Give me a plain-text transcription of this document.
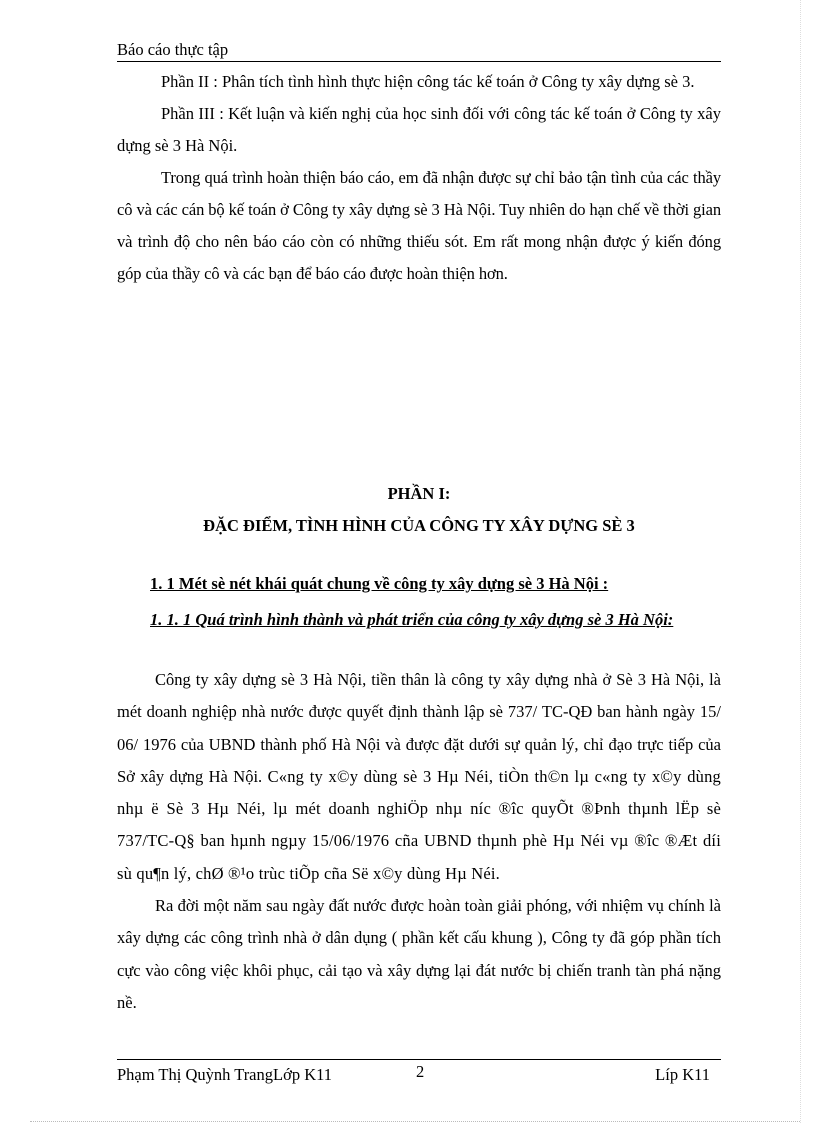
Báo cáo thực tập

Phần II : Phân tích tình hình thực hiện công tác kế toán ở Công ty xây dựng sè 3.

Phần III : Kết luận và kiến nghị của học sinh đối với công tác kế toán ở Công ty xây dựng sè 3 Hà Nội.

Trong quá trình hoàn thiện báo cáo, em đã nhận được sự chỉ bảo tận tình của các thầy cô và các cán bộ kế toán ở Công ty xây dựng sè 3 Hà Nội. Tuy nhiên do hạn chế về thời gian và trình độ cho nên báo cáo còn có những thiếu sót. Em rất mong nhận được ý kiến đóng góp của thầy cô và các bạn để báo cáo được hoàn thiện hơn.

PHẦN I:
ĐẶC ĐIỂM, TÌNH HÌNH CỦA CÔNG TY XÂY DỰNG SÈ 3
1. 1 Mét sè nét khái quát chung về công ty xây dựng sè 3 Hà Nội :
1. 1. 1 Quá trình hình thành và phát triển của công ty xây dựng sè 3 Hà Nội:

Công ty xây dựng sè 3 Hà Nội, tiền thân là công ty xây dựng nhà ở Sè 3 Hà Nội, là mét doanh nghiệp nhà nước được quyết định thành lập sè 737/ TC-QĐ ban hành ngày 15/ 06/ 1976 của UBND thành phố Hà Nội và được đặt dưới sự quản lý, chỉ đạo trực tiếp của Sở xây dựng Hà Nội. C«ng ty x©y dùng sè 3 Hµ Néi, tiÒn th©n lµ c«ng ty x©y dùng nhµ ë Sè 3 Hµ Néi, lµ mét doanh nghiÖp nhµ níc ®îc quyÕt ®Þnh thµnh lËp sè 737/TC-Q§ ban hµnh ngµy 15/06/1976 cña UBND thµnh phè Hµ Néi vµ ®îc ®Æt díi sù qu¶n lý, chØ ®¹o trùc tiÕp cña Së x©y dùng Hµ Néi.

Ra đời một năm sau ngày đất nước được hoàn toàn giải phóng, với nhiệm vụ chính là xây dựng các công trình nhà ở dân dụng ( phần kết cấu khung ), Công ty đã góp phần tích cực vào công việc khôi phục, cải tạo và xây dựng lại đát nước bị chiến tranh tàn phá nặng nề.

Phạm Thị Quỳnh TrangLớp K11	2	Líp K11
